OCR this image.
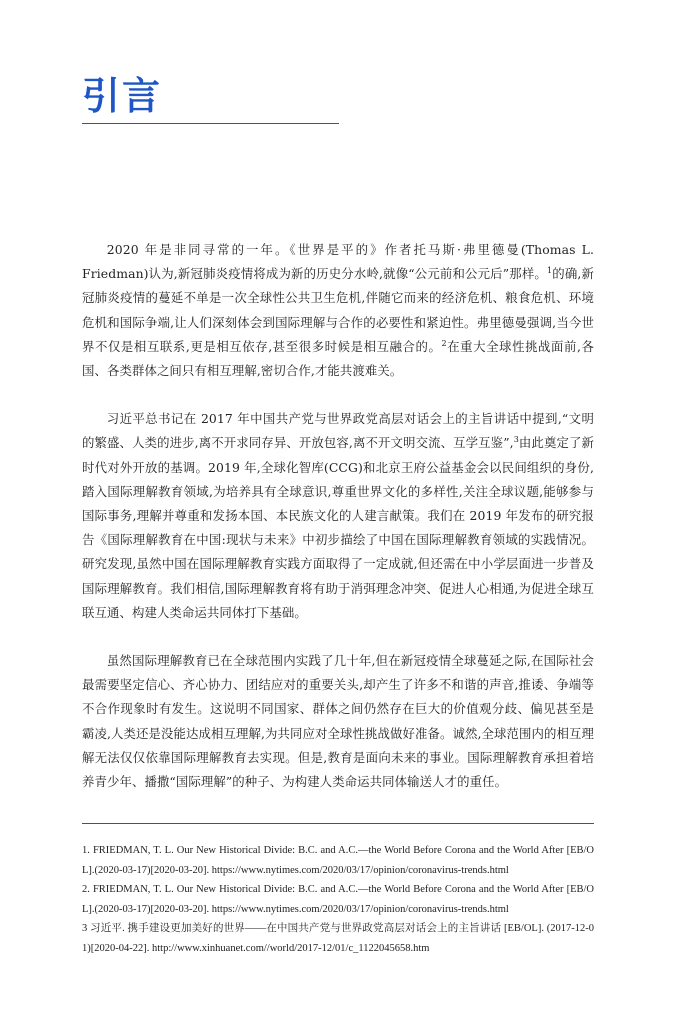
引言

2020 年是非同寻常的一年。《世界是平的》作者托马斯·弗里德曼(Thomas L. Friedman)认为,新冠肺炎疫情将成为新的历史分水岭,就像“公元前和公元后”那样。$^1$的确,新冠肺炎疫情的蔓延不单是一次全球性公共卫生危机,伴随它而来的经济危机、粮食危机、环境危机和国际争端,让人们深刻体会到国际理解与合作的必要性和紧迫性。弗里德曼强调,当今世界不仅是相互联系,更是相互依存,甚至很多时候是相互融合的。$^2$在重大全球性挑战面前,各国、各类群体之间只有相互理解,密切合作,才能共渡难关。

习近平总书记在 2017 年中国共产党与世界政党高层对话会上的主旨讲话中提到,“文明的繁盛、人类的进步,离不开求同存异、开放包容,离不开文明交流、互学互鉴”,$^3$由此奠定了新时代对外开放的基调。2019 年,全球化智库(CCG)和北京王府公益基金会以民间组织的身份,踏入国际理解教育领域,为培养具有全球意识,尊重世界文化的多样性,关注全球议题,能够参与国际事务,理解并尊重和发扬本国、本民族文化的人建言献策。我们在 2019 年发布的研究报告《国际理解教育在中国:现状与未来》中初步描绘了中国在国际理解教育领域的实践情况。研究发现,虽然中国在国际理解教育实践方面取得了一定成就,但还需在中小学层面进一步普及国际理解教育。我们相信,国际理解教育将有助于消弭理念冲突、促进人心相通,为促进全球互联互通、构建人类命运共同体打下基础。

虽然国际理解教育已在全球范围内实践了几十年,但在新冠疫情全球蔓延之际,在国际社会最需要坚定信心、齐心协力、团结应对的重要关头,却产生了许多不和谐的声音,推诿、争端等不合作现象时有发生。这说明不同国家、群体之间仍然存在巨大的价值观分歧、偏见甚至是霸凌,人类还是没能达成相互理解,为共同应对全球性挑战做好准备。诚然,全球范围内的相互理解无法仅仅依靠国际理解教育去实现。但是,教育是面向未来的事业。国际理解教育承担着培养青少年、播撒“国际理解”的种子、为构建人类命运共同体输送人才的重任。

1. FRIEDMAN, T. L. Our New Historical Divide: B.C. and A.C.—the World Before Corona and the World After [EB/OL].(2020-03-17)[2020-03-20]. https://www.nytimes.com/2020/03/17/opinion/coronavirus-trends.html

2. FRIEDMAN, T. L. Our New Historical Divide: B.C. and A.C.—the World Before Corona and the World After [EB/OL].(2020-03-17)[2020-03-20]. https://www.nytimes.com/2020/03/17/opinion/coronavirus-trends.html

3 习近平. 携手建设更加美好的世界——在中国共产党与世界政党高层对话会上的主旨讲话 [EB/OL]. (2017-12-01)[2020-04-22]. http://www.xinhuanet.com//world/2017-12/01/c_1122045658.htm
